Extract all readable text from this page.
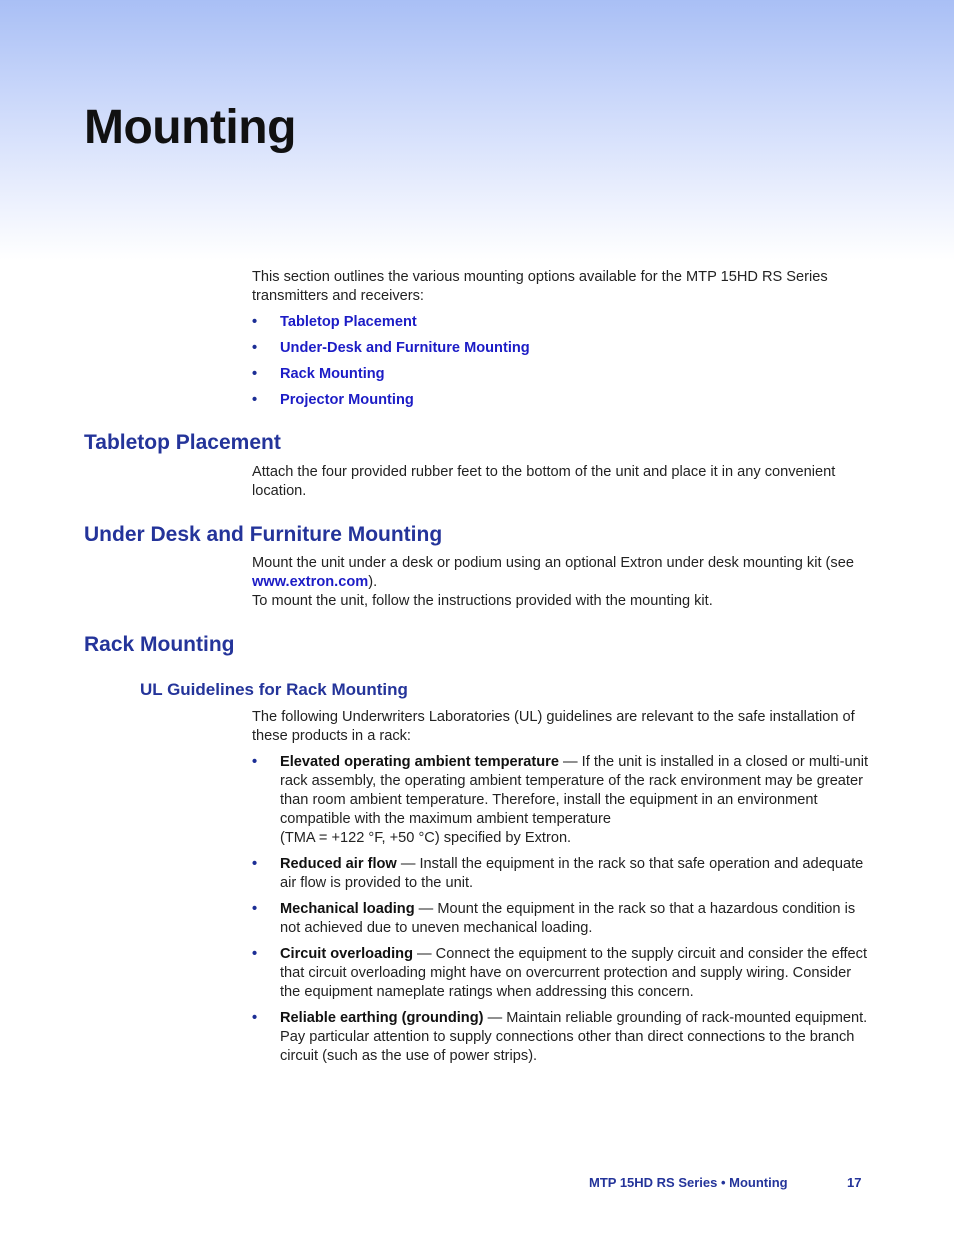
Mounting

This section outlines the various mounting options available for the MTP 15HD RS Series transmitters and receivers:

• Tabletop Placement
• Under-Desk and Furniture Mounting
• Rack Mounting
• Projector Mounting
Tabletop Placement

Attach the four provided rubber feet to the bottom of the unit and place it in any convenient location.

Under Desk and Furniture Mounting

Mount the unit under a desk or podium using an optional Extron under desk mounting kit (see www.extron.com).

To mount the unit, follow the instructions provided with the mounting kit.

Rack Mounting
UL Guidelines for Rack Mounting

The following Underwriters Laboratories (UL) guidelines are relevant to the safe installation of these products in a rack:

• Elevated operating ambient temperature — If the unit is installed in a closed or multi-unit rack assembly, the operating ambient temperature of the rack environment may be greater than room ambient temperature. Therefore, install the equipment in an environment compatible with the maximum ambient temperature
(TMA = +122 °F, +50 °C) specified by Extron.
• Reduced air flow — Install the equipment in the rack so that safe operation and adequate air flow is provided to the unit.
• Mechanical loading — Mount the equipment in the rack so that a hazardous condition is not achieved due to uneven mechanical loading.
• Circuit overloading — Connect the equipment to the supply circuit and consider the effect that circuit overloading might have on overcurrent protection and supply wiring. Consider the equipment nameplate ratings when addressing this concern.
• Reliable earthing (grounding) — Maintain reliable grounding of rack-mounted equipment. Pay particular attention to supply connections other than direct connections to the branch circuit (such as the use of power strips).
MTP 15HD RS Series • Mounting	17
